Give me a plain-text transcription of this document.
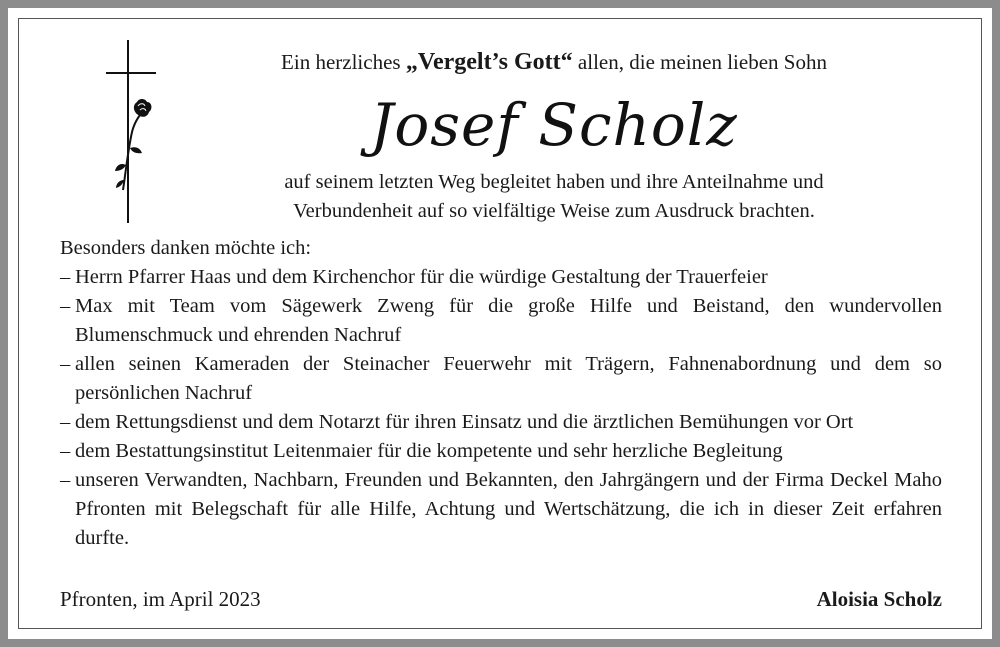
Ein herzliches „Vergelt’s Gott“ allen, die meinen lieben Sohn

Josef Scholz

auf seinem letzten Weg begleitet haben und ihre Anteilnahme und
Verbundenheit auf so vielfältige Weise zum Ausdruck brachten.

Besonders danken möchte ich:

– Herrn Pfarrer Haas und dem Kirchenchor für die würdige Gestaltung der Trauerfeier
– Max mit Team vom Sägewerk Zweng für die große Hilfe und Beistand, den wundervollen Blumenschmuck und ehrenden Nachruf
– allen seinen Kameraden der Steinacher Feuerwehr mit Trägern, Fahnenabordnung und dem so persönlichen Nachruf
– dem Rettungsdienst und dem Notarzt für ihren Einsatz und die ärztlichen Bemühungen vor Ort
– dem Bestattungsinstitut Leitenmaier für die kompetente und sehr herzliche Begleitung
– unseren Verwandten, Nachbarn, Freunden und Bekannten, den Jahrgängern und der Firma Deckel Maho Pfronten mit Belegschaft für alle Hilfe, Achtung und Wertschätzung, die ich in dieser Zeit erfahren durfte.
Pfronten, im April 2023	Aloisia Scholz
